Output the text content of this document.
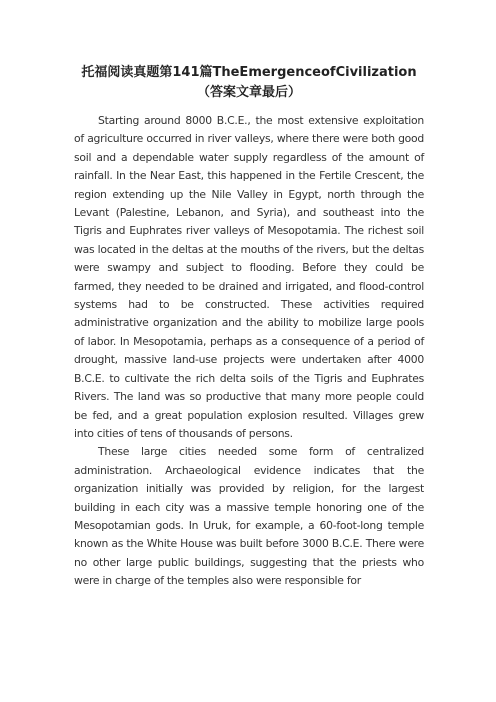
托福阅读真题第141篇TheEmergenceofCivilization（答案文章最后）

Starting around 8000 B.C.E., the most extensive exploitation of agriculture occurred in river valleys, where there were both good soil and a dependable water supply regardless of the amount of rainfall. In the Near East, this happened in the Fertile Crescent, the region extending up the Nile Valley in Egypt, north through the Levant (Palestine, Lebanon, and Syria), and southeast into the Tigris and Euphrates river valleys of Mesopotamia. The richest soil was located in the deltas at the mouths of the rivers, but the deltas were swampy and subject to flooding. Before they could be farmed, they needed to be drained and irrigated, and flood-control systems had to be constructed. These activities required administrative organization and the ability to mobilize large pools of labor. In Mesopotamia, perhaps as a consequence of a period of drought, massive land-use projects were undertaken after 4000 B.C.E. to cultivate the rich delta soils of the Tigris and Euphrates Rivers. The land was so productive that many more people could be fed, and a great population explosion resulted. Villages grew into cities of tens of thousands of persons.

These large cities needed some form of centralized administration. Archaeological evidence indicates that the organization initially was provided by religion, for the largest building in each city was a massive temple honoring one of the Mesopotamian gods. In Uruk, for example, a 60-foot-long temple known as the White House was built before 3000 B.C.E. There were no other large public buildings, suggesting that the priests who were in charge of the temples also were responsible for
